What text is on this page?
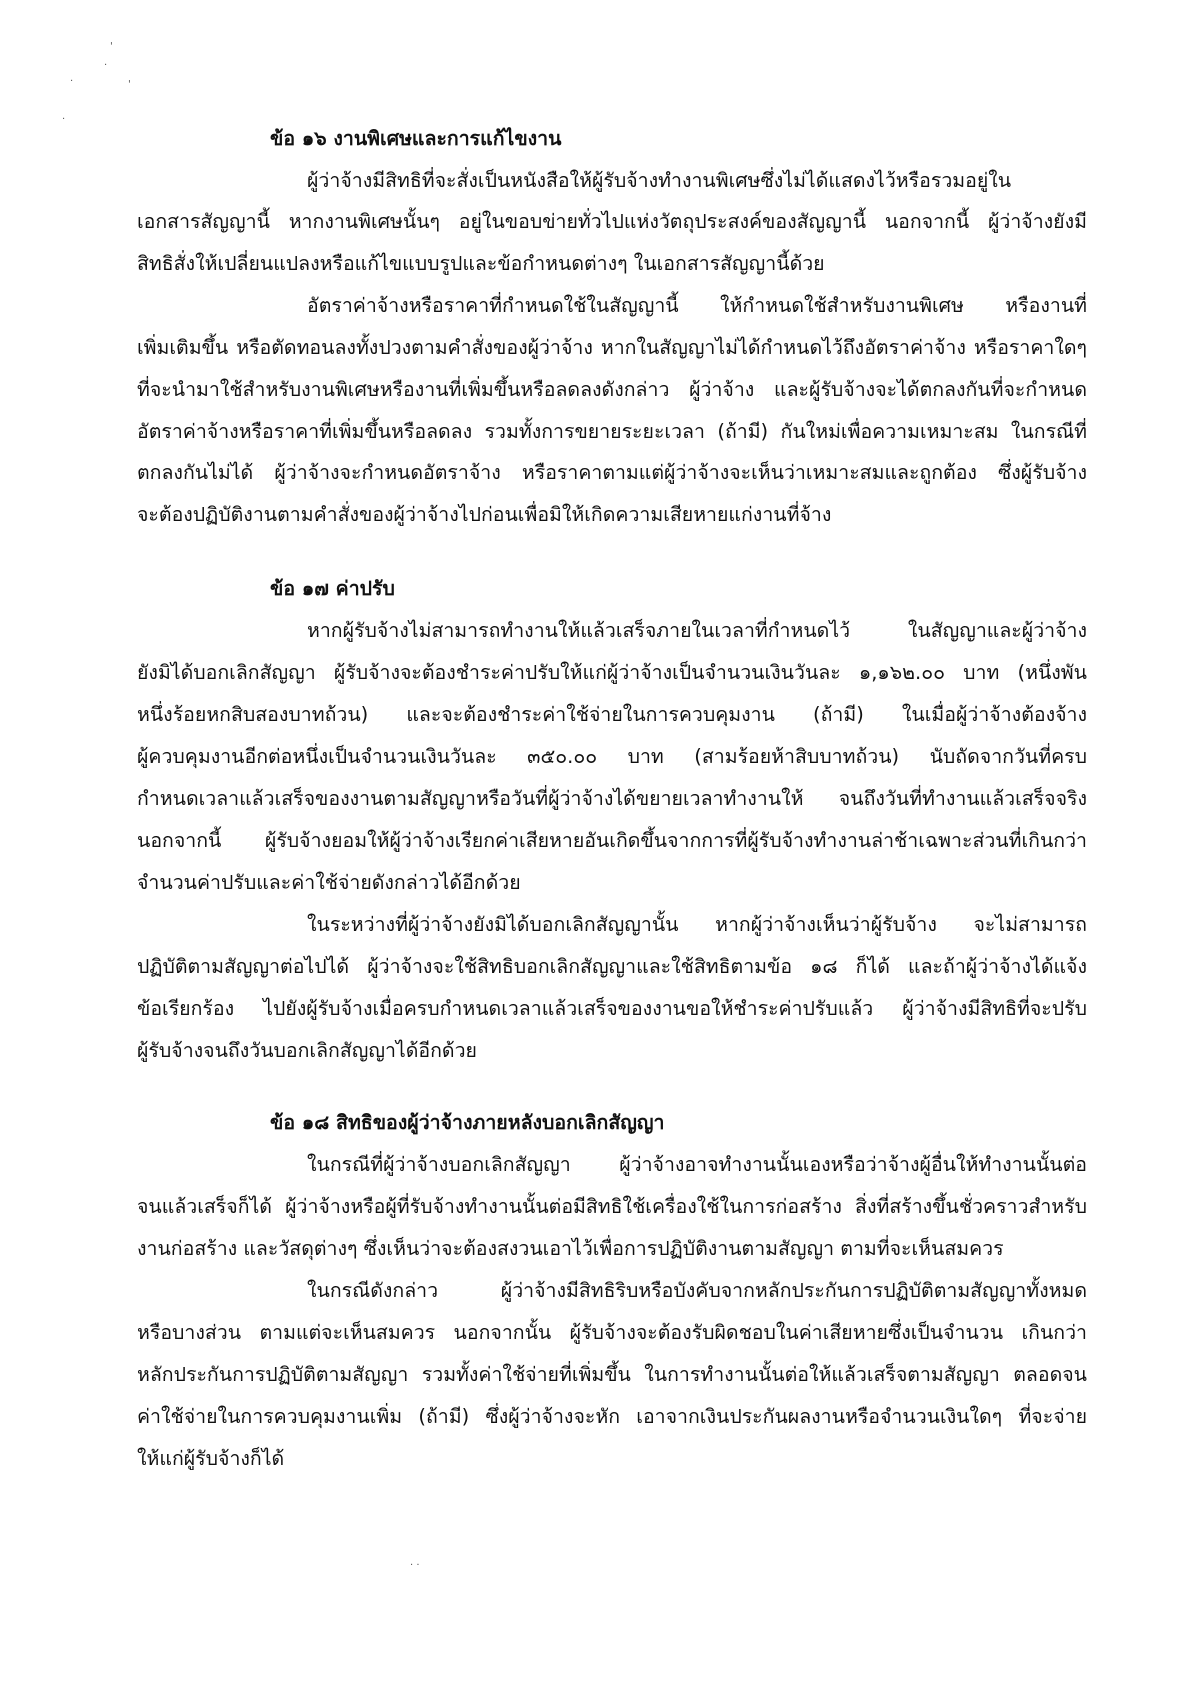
'
.
.
'
.
. .
ข้อ ๑๖ งานพิเศษและการแก้ไขงาน
ผู้ว่าจ้างมีสิทธิที่จะสั่งเป็นหนังสือให้ผู้รับจ้างทำงานพิเศษซึ่งไม่ได้แสดงไว้หรือรวมอยู่ใน
เอกสารสัญญานี้ หากงานพิเศษนั้นๆ อยู่ในขอบข่ายทั่วไปแห่งวัตถุประสงค์ของสัญญานี้ นอกจากนี้ ผู้ว่าจ้างยังมี
สิทธิสั่งให้เปลี่ยนแปลงหรือแก้ไขแบบรูปและข้อกำหนดต่างๆ ในเอกสารสัญญานี้ด้วย
อัตราค่าจ้างหรือราคาที่กำหนดใช้ในสัญญานี้ ให้กำหนดใช้สำหรับงานพิเศษ หรืองานที่
เพิ่มเติมขึ้น หรือตัดทอนลงทั้งปวงตามคำสั่งของผู้ว่าจ้าง หากในสัญญาไม่ได้กำหนดไว้ถึงอัตราค่าจ้าง หรือราคาใดๆ
ที่จะนำมาใช้สำหรับงานพิเศษหรืองานที่เพิ่มขึ้นหรือลดลงดังกล่าว ผู้ว่าจ้าง และผู้รับจ้างจะได้ตกลงกันที่จะกำหนด
อัตราค่าจ้างหรือราคาที่เพิ่มขึ้นหรือลดลง รวมทั้งการขยายระยะเวลา (ถ้ามี) กันใหม่เพื่อความเหมาะสม ในกรณีที่
ตกลงกันไม่ได้ ผู้ว่าจ้างจะกำหนดอัตราจ้าง หรือราคาตามแต่ผู้ว่าจ้างจะเห็นว่าเหมาะสมและถูกต้อง ซึ่งผู้รับจ้าง
จะต้องปฏิบัติงานตามคำสั่งของผู้ว่าจ้างไปก่อนเพื่อมิให้เกิดความเสียหายแก่งานที่จ้าง
ข้อ ๑๗ ค่าปรับ
หากผู้รับจ้างไม่สามารถทำงานให้แล้วเสร็จภายในเวลาที่กำหนดไว้ ในสัญญาและผู้ว่าจ้าง
ยังมิได้บอกเลิกสัญญา ผู้รับจ้างจะต้องชำระค่าปรับให้แก่ผู้ว่าจ้างเป็นจำนวนเงินวันละ ๑,๑๖๒.๐๐ บาท (หนึ่งพัน
หนึ่งร้อยหกสิบสองบาทถ้วน) และจะต้องชำระค่าใช้จ่ายในการควบคุมงาน (ถ้ามี) ในเมื่อผู้ว่าจ้างต้องจ้าง
ผู้ควบคุมงานอีกต่อหนึ่งเป็นจำนวนเงินวันละ ๓๕๐.๐๐ บาท (สามร้อยห้าสิบบาทถ้วน) นับถัดจากวันที่ครบ
กำหนดเวลาแล้วเสร็จของงานตามสัญญาหรือวันที่ผู้ว่าจ้างได้ขยายเวลาทำงานให้ จนถึงวันที่ทำงานแล้วเสร็จจริง
นอกจากนี้ ผู้รับจ้างยอมให้ผู้ว่าจ้างเรียกค่าเสียหายอันเกิดขึ้นจากการที่ผู้รับจ้างทำงานล่าช้าเฉพาะส่วนที่เกินกว่า
จำนวนค่าปรับและค่าใช้จ่ายดังกล่าวได้อีกด้วย
ในระหว่างที่ผู้ว่าจ้างยังมิได้บอกเลิกสัญญานั้น หากผู้ว่าจ้างเห็นว่าผู้รับจ้าง จะไม่สามารถ
ปฏิบัติตามสัญญาต่อไปได้ ผู้ว่าจ้างจะใช้สิทธิบอกเลิกสัญญาและใช้สิทธิตามข้อ ๑๘ ก็ได้ และถ้าผู้ว่าจ้างได้แจ้ง
ข้อเรียกร้อง ไปยังผู้รับจ้างเมื่อครบกำหนดเวลาแล้วเสร็จของงานขอให้ชำระค่าปรับแล้ว ผู้ว่าจ้างมีสิทธิที่จะปรับ
ผู้รับจ้างจนถึงวันบอกเลิกสัญญาได้อีกด้วย
ข้อ ๑๘ สิทธิของผู้ว่าจ้างภายหลังบอกเลิกสัญญา
ในกรณีที่ผู้ว่าจ้างบอกเลิกสัญญา ผู้ว่าจ้างอาจทำงานนั้นเองหรือว่าจ้างผู้อื่นให้ทำงานนั้นต่อ
จนแล้วเสร็จก็ได้ ผู้ว่าจ้างหรือผู้ที่รับจ้างทำงานนั้นต่อมีสิทธิใช้เครื่องใช้ในการก่อสร้าง สิ่งที่สร้างขึ้นชั่วคราวสำหรับ
งานก่อสร้าง และวัสดุต่างๆ ซึ่งเห็นว่าจะต้องสงวนเอาไว้เพื่อการปฏิบัติงานตามสัญญา ตามที่จะเห็นสมควร
ในกรณีดังกล่าว ผู้ว่าจ้างมีสิทธิริบหรือบังคับจากหลักประกันการปฏิบัติตามสัญญาทั้งหมด
หรือบางส่วน ตามแต่จะเห็นสมควร นอกจากนั้น ผู้รับจ้างจะต้องรับผิดชอบในค่าเสียหายซึ่งเป็นจำนวน เกินกว่า
หลักประกันการปฏิบัติตามสัญญา รวมทั้งค่าใช้จ่ายที่เพิ่มขึ้น ในการทำงานนั้นต่อให้แล้วเสร็จตามสัญญา ตลอดจน
ค่าใช้จ่ายในการควบคุมงานเพิ่ม (ถ้ามี) ซึ่งผู้ว่าจ้างจะหัก เอาจากเงินประกันผลงานหรือจำนวนเงินใดๆ ที่จะจ่าย
ให้แก่ผู้รับจ้างก็ได้
